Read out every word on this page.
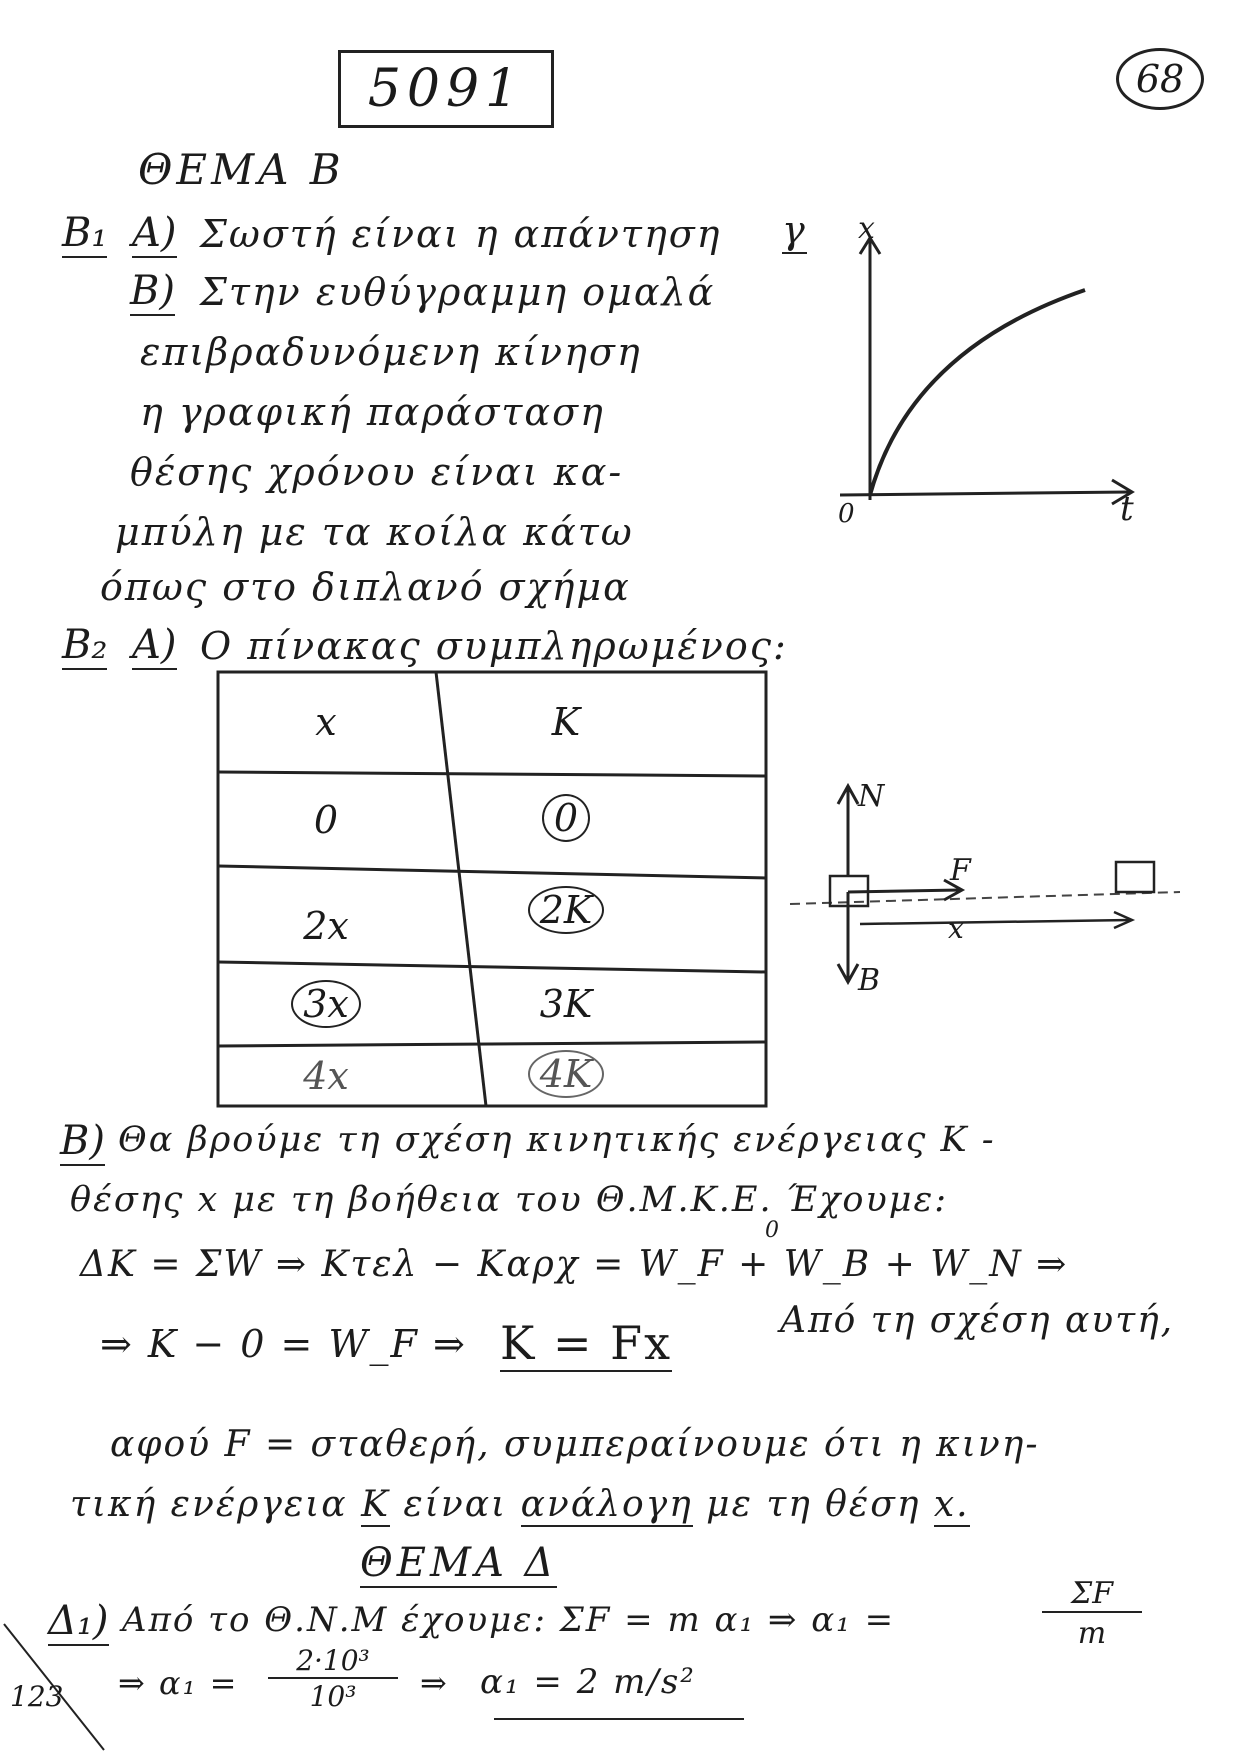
5091	68
ΘΕΜΑ Β
Β₁ Α) Σωστή είναι η απάντηση γ
Β) Στην ευθύγραμμη ομαλά
επιβραδυνόμενη κίνηση
η γραφική παράσταση
θέσης χρόνου είναι κα-
μπύλη με τα κοίλα κάτω
όπως στο διπλανό σχήμα
x
t
0
Β₂ Α) Ο πίνακας συμπληρωμένος:
x	K
0	0
2x	2K
3x	3K
4x	4K
N
F
B
x
Β) Θα βρούμε τη σχέση κινητικής ενέργειας Κ -
θέσης x με τη βοήθεια του Θ.Μ.Κ.Ε. Έχουμε:
ΔΚ = ΣW ⇒ Kτελ − Kαρχ = W_F + W_B + W_N ⇒
0
⇒ K − 0 = W_F ⇒ K = Fx	Από τη σχέση αυτή,
αφού F = σταθερή, συμπεραίνουμε ότι η κινη-
τική ενέργεια Κ είναι ανάλογη με τη θέση x.
ΘΕΜΑ Δ
Δ₁) Από το Θ.Ν.Μ έχουμε: ΣF = m α₁ ⇒ α₁ =
ΣF
m
⇒ α₁ =
2·10³
10³	⇒ α₁ = 2 m/s²
123
